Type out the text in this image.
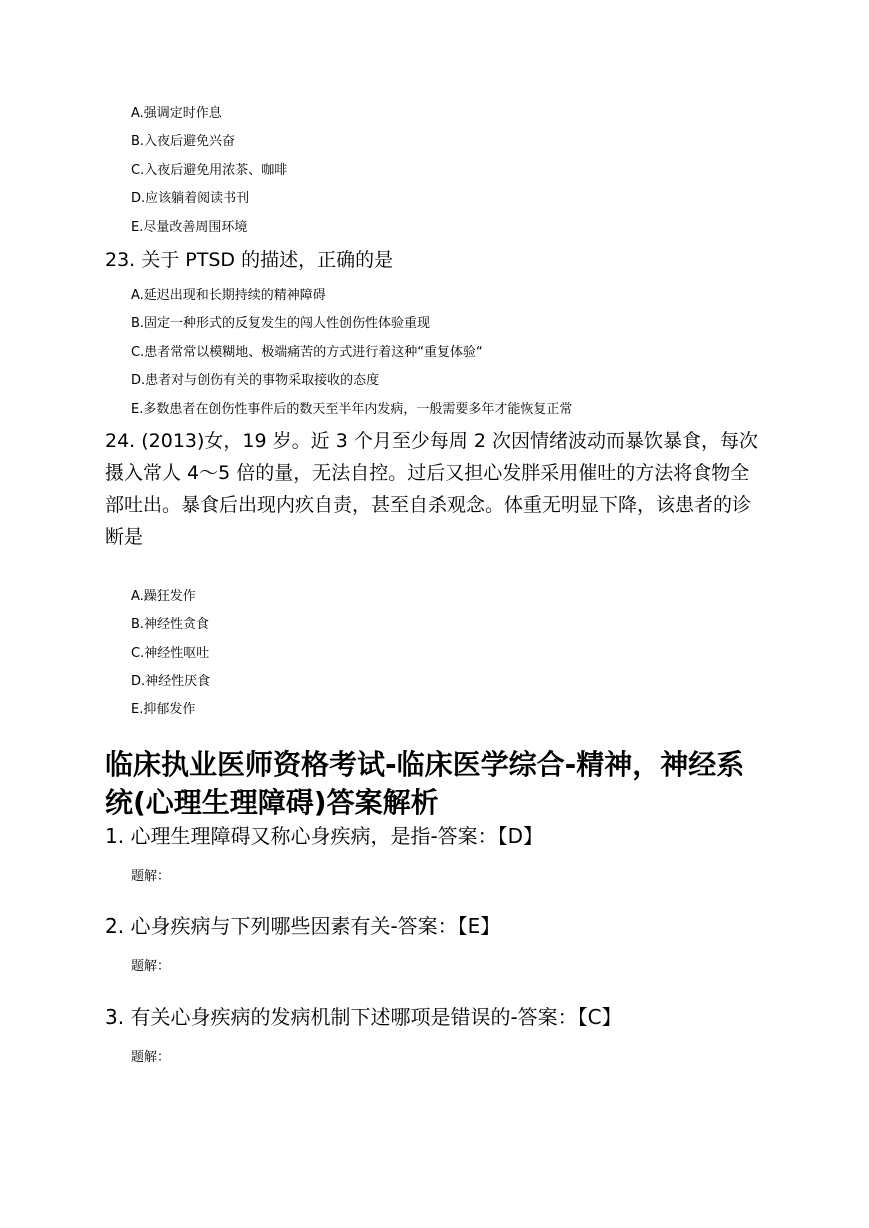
A.强调定时作息
B.入夜后避免兴奋
C.入夜后避免用浓茶、咖啡
D.应该躺着阅读书刊
E.尽量改善周围环境
23. 关于 PTSD 的描述，正确的是
A.延迟出现和长期持续的精神障碍
B.固定一种形式的反复发生的闯人性创伤性体验重现
C.患者常常以模糊地、极端痛苦的方式进行着这种“重复体验“
D.患者对与创伤有关的事物采取接收的态度
E.多数患者在创伤性事件后的数天至半年内发病，一般需要多年才能恢复正常
24. (2013)女，19 岁。近 3 个月至少每周 2 次因情绪波动而暴饮暴食，每次摄入常人 4～5 倍的量，无法自控。过后又担心发胖采用催吐的方法将食物全部吐出。暴食后出现内疚自责，甚至自杀观念。体重无明显下降，该患者的诊断是
A.躁狂发作
B.神经性贪食
C.神经性呕吐
D.神经性厌食
E.抑郁发作
临床执业医师资格考试-临床医学综合-精神，神经系统(心理生理障碍)答案解析
1. 心理生理障碍又称心身疾病，是指-答案：【D】
题解：
2. 心身疾病与下列哪些因素有关-答案：【E】
题解：
3. 有关心身疾病的发病机制下述哪项是错误的-答案：【C】
题解：
